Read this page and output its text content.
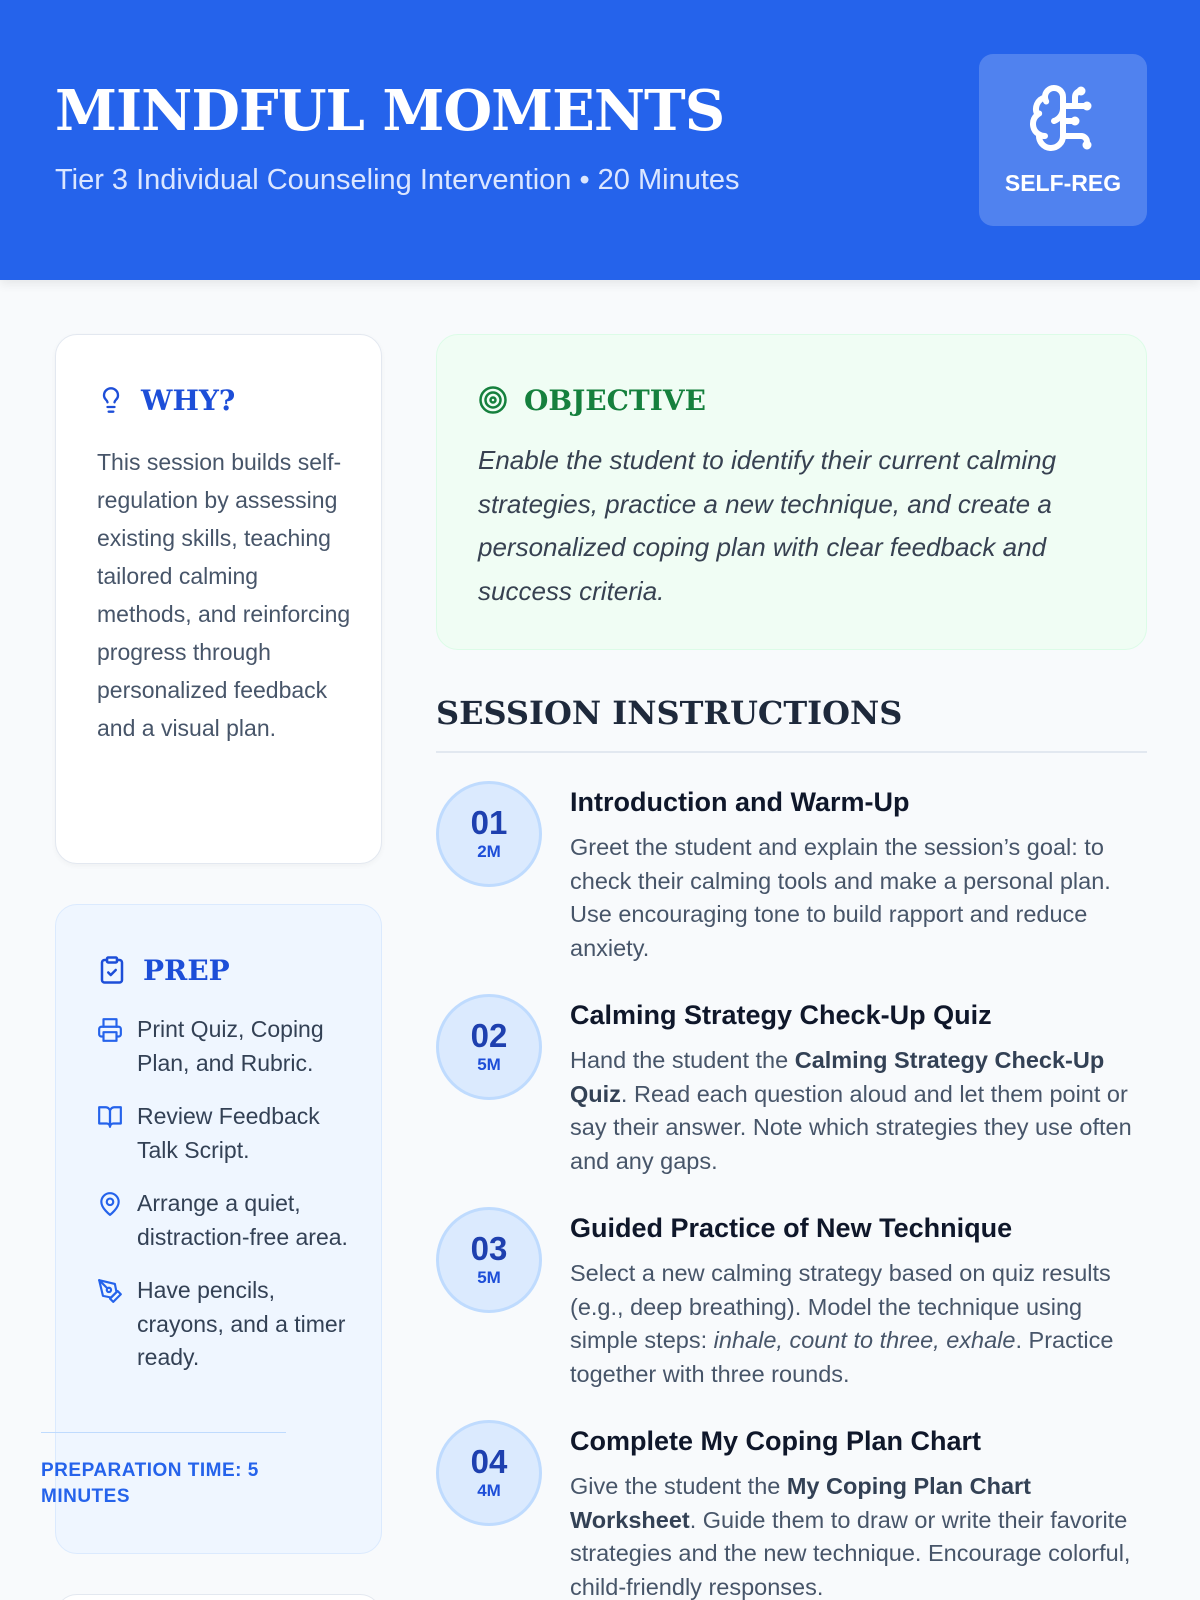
MINDFUL MOMENTS
Tier 3 Individual Counseling Intervention • 20 Minutes	SELF-REG
WHY?
This session builds self-regulation by assessing existing skills, teaching tailored calming methods, and reinforcing progress through personalized feedback and a visual plan.
PREP
Print Quiz, Coping Plan, and Rubric.
Review Feedback Talk Script.
Arrange a quiet, distraction-free area.
Have pencils, crayons, and a timer ready.
PREPARATION TIME: 5 MINUTES
OBJECTIVE
Enable the student to identify their current calming strategies, practice a new technique, and create a personalized coping plan with clear feedback and success criteria.
SESSION INSTRUCTIONS
01
2M
Introduction and Warm-Up
Greet the student and explain the session’s goal: to check their calming tools and make a personal plan. Use encouraging tone to build rapport and reduce anxiety.
02
5M
Calming Strategy Check-Up Quiz
Hand the student the Calming Strategy Check-Up Quiz. Read each question aloud and let them point or say their answer. Note which strategies they use often and any gaps.
03
5M
Guided Practice of New Technique
Select a new calming strategy based on quiz results (e.g., deep breathing). Model the technique using simple steps: inhale, count to three, exhale. Practice together with three rounds.
04
4M
Complete My Coping Plan Chart
Give the student the My Coping Plan Chart Worksheet. Guide them to draw or write their favorite strategies and the new technique. Encourage colorful, child-friendly responses.
